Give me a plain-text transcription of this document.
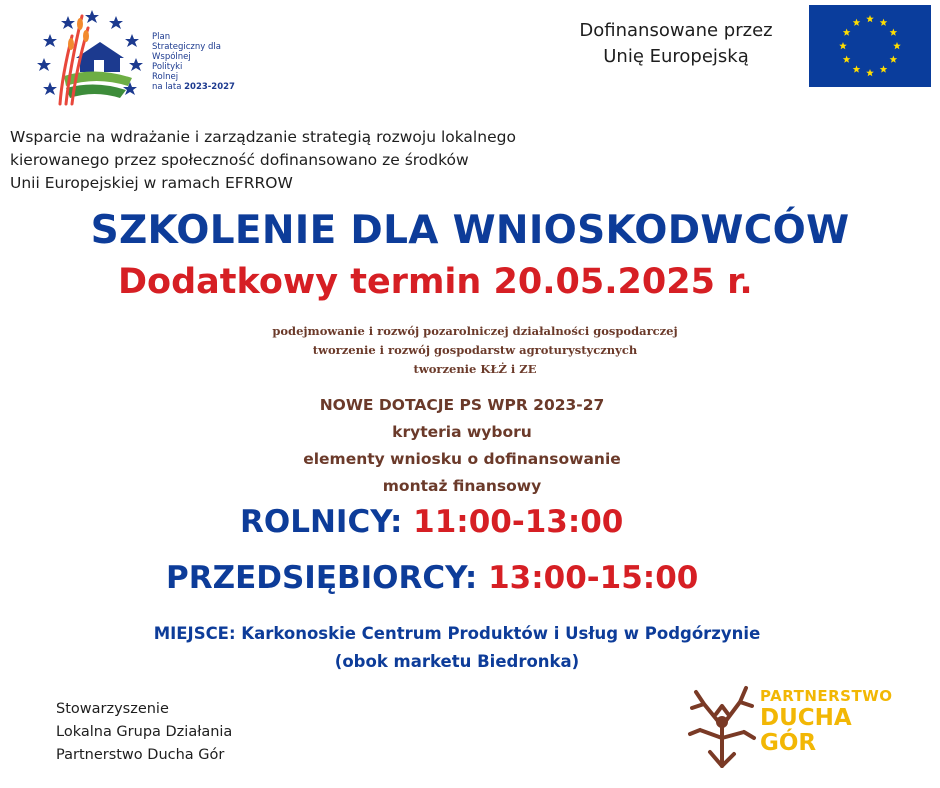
Plan
Strategiczny dla
Wspólnej
Polityki
Rolnej
na lata 2023-2027
Dofinansowane przez
Unię Europejską
Wsparcie na wdrażanie i zarządzanie strategią rozwoju lokalnego
kierowanego przez społeczność dofinansowano ze środków
Unii Europejskiej w ramach EFRROW
SZKOLENIE DLA WNIOSKODWCÓW
Dodatkowy termin 20.05.2025 r.
podejmowanie i rozwój pozarolniczej działalności gospodarczej
tworzenie i rozwój gospodarstw agroturystycznych
tworzenie KŁŻ i ZE
NOWE DOTACJE PS WPR 2023-27
kryteria wyboru
elementy wniosku o dofinansowanie
montaż finansowy
ROLNICY: 11:00-13:00
PRZEDSIĘBIORCY: 13:00-15:00
MIEJSCE: Karkonoskie Centrum Produktów i Usług w Podgórzynie
(obok marketu Biedronka)
Stowarzyszenie
Lokalna Grupa Działania
Partnerstwo Ducha Gór
PARTNERSTWO
DUCHA
GÓR
